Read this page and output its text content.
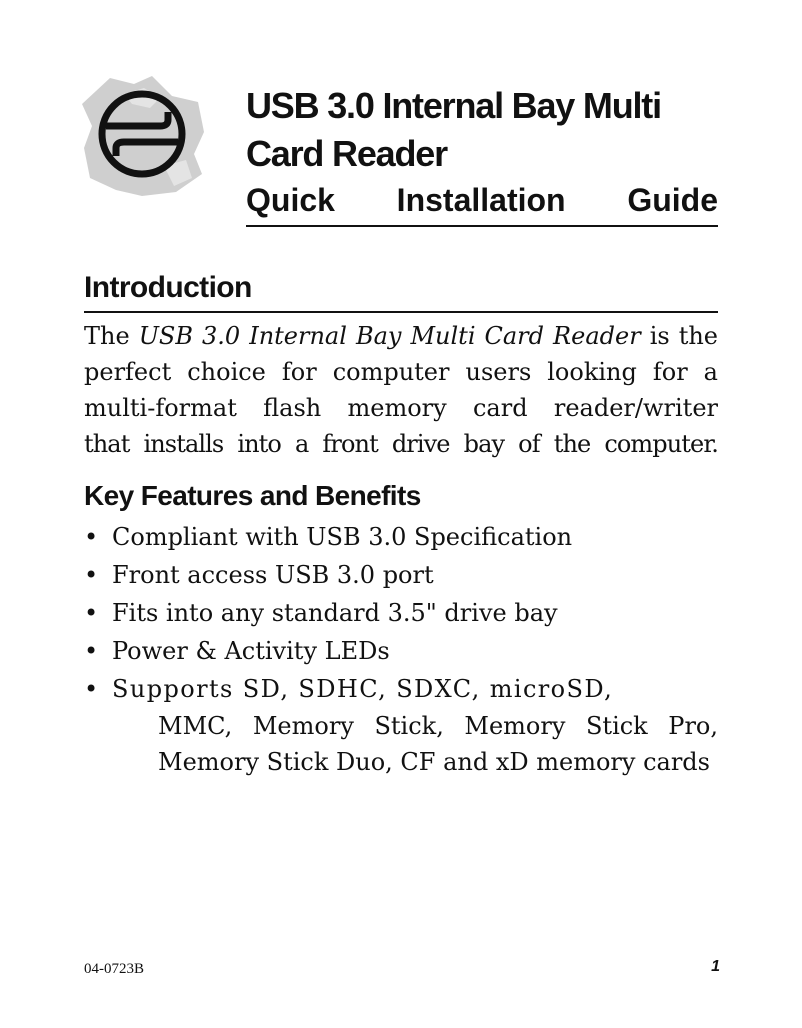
USB 3.0 Internal Bay Multi
Card Reader
Quick Installation Guide
Introduction
The USB 3.0 Internal Bay Multi Card Reader is the
perfect choice for computer users looking for a
multi-format flash memory card reader/writer
that installs into a front drive bay of the computer.
Key Features and Benefits
• Compliant with USB 3.0 Specification
• Front access USB 3.0 port
• Fits into any standard 3.5" drive bay
• Power & Activity LEDs
• Supports SD, SDHC, SDXC, microSD,
MMC, Memory Stick, Memory Stick Pro, Memory Stick Duo, CF and xD memory cards
04-0723B	1
